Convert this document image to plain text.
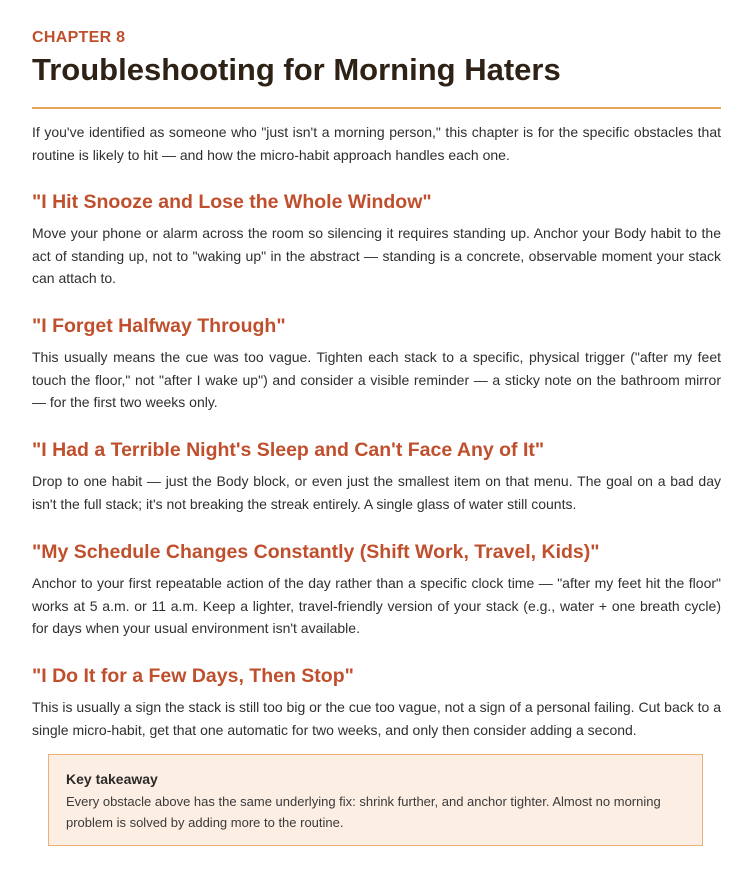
CHAPTER 8
Troubleshooting for Morning Haters

If you've identified as someone who "just isn't a morning person," this chapter is for the specific obstacles that routine is likely to hit — and how the micro-habit approach handles each one.

"I Hit Snooze and Lose the Whole Window"

Move your phone or alarm across the room so silencing it requires standing up. Anchor your Body habit to the act of standing up, not to "waking up" in the abstract — standing is a concrete, observable moment your stack can attach to.

"I Forget Halfway Through"

This usually means the cue was too vague. Tighten each stack to a specific, physical trigger ("after my feet touch the floor," not "after I wake up") and consider a visible reminder — a sticky note on the bathroom mirror — for the first two weeks only.

"I Had a Terrible Night's Sleep and Can't Face Any of It"

Drop to one habit — just the Body block, or even just the smallest item on that menu. The goal on a bad day isn't the full stack; it's not breaking the streak entirely. A single glass of water still counts.

"My Schedule Changes Constantly (Shift Work, Travel, Kids)"

Anchor to your first repeatable action of the day rather than a specific clock time — "after my feet hit the floor" works at 5 a.m. or 11 a.m. Keep a lighter, travel-friendly version of your stack (e.g., water + one breath cycle) for days when your usual environment isn't available.

"I Do It for a Few Days, Then Stop"

This is usually a sign the stack is still too big or the cue too vague, not a sign of a personal failing. Cut back to a single micro-habit, get that one automatic for two weeks, and only then consider adding a second.

Key takeaway
Every obstacle above has the same underlying fix: shrink further, and anchor tighter. Almost no morning problem is solved by adding more to the routine.
